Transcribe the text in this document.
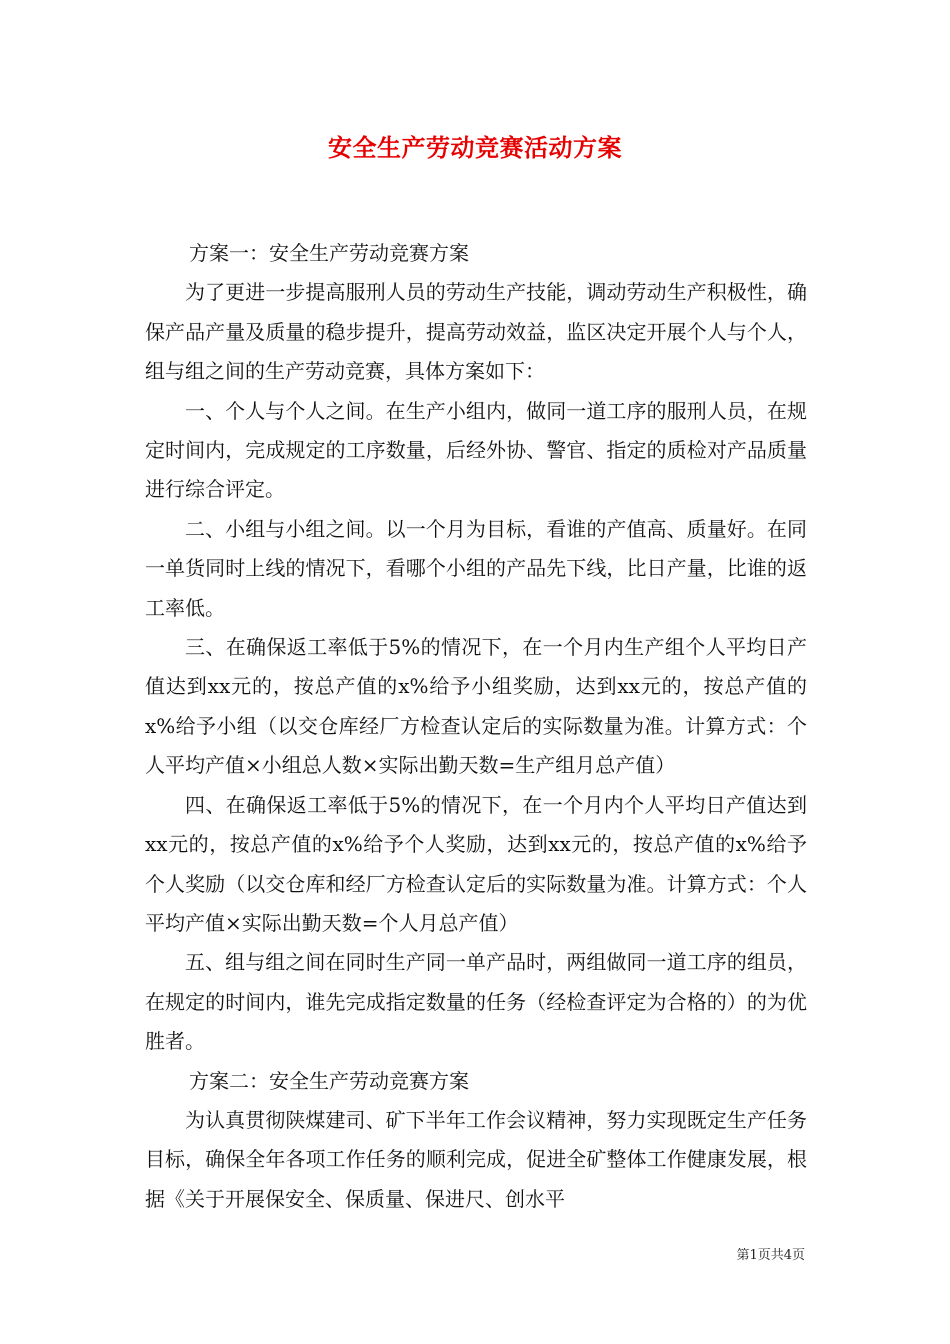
安全生产劳动竞赛活动方案

方案一：安全生产劳动竞赛方案

为了更进一步提高服刑人员的劳动生产技能，调动劳动生产积极性，确保产品产量及质量的稳步提升，提高劳动效益，监区决定开展个人与个人，组与组之间的生产劳动竞赛，具体方案如下：

一、个人与个人之间。在生产小组内，做同一道工序的服刑人员，在规定时间内，完成规定的工序数量，后经外协、警官、指定的质检对产品质量进行综合评定。

二、小组与小组之间。以一个月为目标，看谁的产值高、质量好。在同一单货同时上线的情况下，看哪个小组的产品先下线，比日产量，比谁的返工率低。

三、在确保返工率低于5%的情况下，在一个月内生产组个人平均日产值达到xx元的，按总产值的x%给予小组奖励，达到xx元的，按总产值的x%给予小组（以交仓库经厂方检查认定后的实际数量为准。计算方式：个人平均产值×小组总人数×实际出勤天数=生产组月总产值）

四、在确保返工率低于5%的情况下，在一个月内个人平均日产值达到xx元的，按总产值的x%给予个人奖励，达到xx元的，按总产值的x%给予个人奖励（以交仓库和经厂方检查认定后的实际数量为准。计算方式：个人平均产值×实际出勤天数=个人月总产值）

五、组与组之间在同时生产同一单产品时，两组做同一道工序的组员，在规定的时间内，谁先完成指定数量的任务（经检查评定为合格的）的为优胜者。

方案二：安全生产劳动竞赛方案

为认真贯彻陕煤建司、矿下半年工作会议精神，努力实现既定生产任务目标，确保全年各项工作任务的顺利完成，促进全矿整体工作健康发展，根据《关于开展保安全、保质量、保进尺、创水平

第1页共4页
